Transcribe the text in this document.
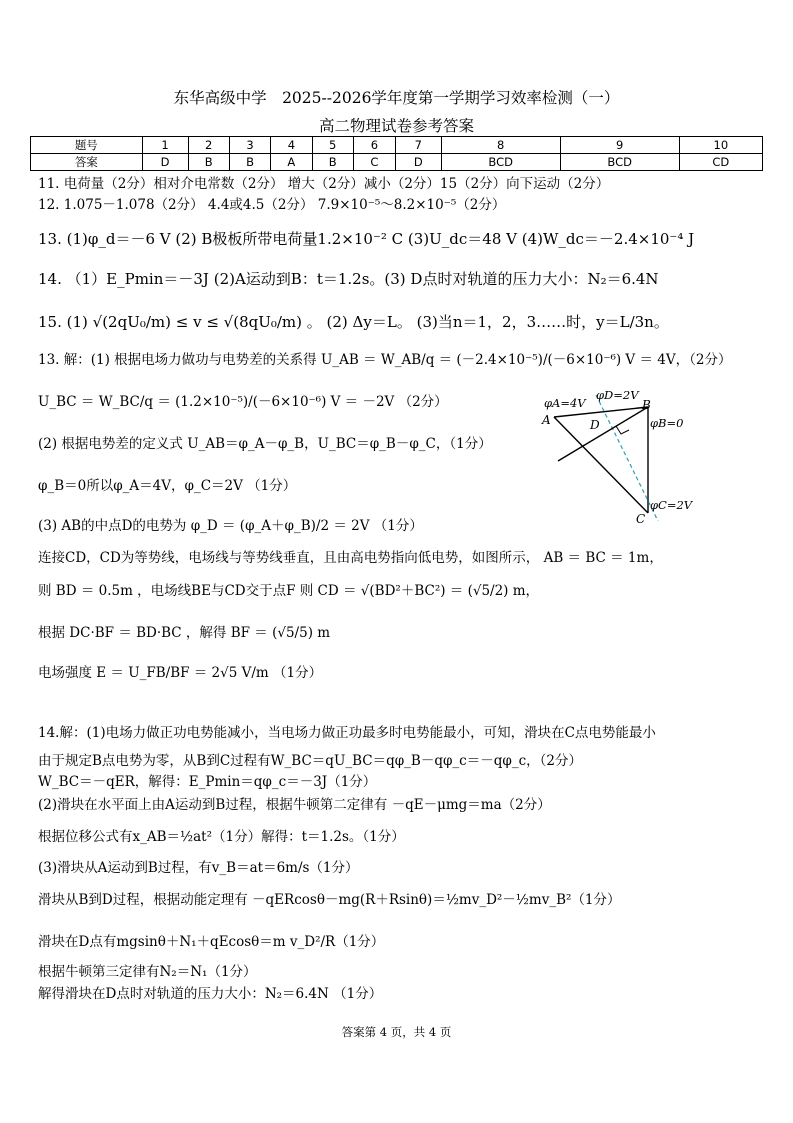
东华高级中学　2025--2026学年度第一学期学习效率检测（一）
高二物理试卷参考答案
题号	1	2	3	4	5	6	7	8	9	10
答案	D	B	B	A	B	C	D	BCD	BCD	CD
11. 电荷量（2分）相对介电常数（2分） 增大（2分）减小（2分）15（2分）向下运动（2分）
12. 1.075－1.078（2分） 4.4或4.5（2分） 7.9×10⁻⁵～8.2×10⁻⁵（2分）
13. (1)φ_d＝－6 V (2) B极板所带电荷量1.2×10⁻² C (3)U_dc＝48 V (4)W_dc＝－2.4×10⁻⁴ J
14. （1）E_Pmin＝－3J (2)A运动到B：t＝1.2s。(3) D点时对轨道的压力大小：N₂＝6.4N
15. (1) √(2qU₀/m) ≤ v ≤ √(8qU₀/m) 。 (2) Δy＝L。 (3)当n＝1，2，3……时，y＝L/3n。
13. 解：(1) 根据电场力做功与电势差的关系得 U_AB ＝ W_AB/q ＝ (－2.4×10⁻⁵)/(－6×10⁻⁶) V ＝ 4V，（2分）
U_BC ＝ W_BC/q ＝ (1.2×10⁻⁵)/(－6×10⁻⁶) V ＝ －2V （2分）
(2) 根据电势差的定义式 U_AB＝φ_A－φ_B，U_BC＝φ_B－φ_C，（1分）
φ_B＝0所以φ_A＝4V，φ_C＝2V （1分）
(3) AB的中点D的电势为 φ_D ＝ (φ_A＋φ_B)/2 ＝ 2V （1分）
连接CD，CD为等势线，电场线与等势线垂直，且由高电势指向低电势，如图所示， AB ＝ BC ＝ 1m，
则 BD ＝ 0.5m ，电场线BE与CD交于点F 则 CD ＝ √(BD²＋BC²) ＝ (√5/2) m，
根据 DC·BF ＝ BD·BC ，解得 BF ＝ (√5/5) m
电场强度 E ＝ U_FB/BF ＝ 2√5 V/m （1分）
φA=4V
φD=2V
B
A	D	φB=0
C
φC=2V
14.解：(1)电场力做正功电势能减小，当电场力做正功最多时电势能最小，可知，滑块在C点电势能最小
由于规定B点电势为零，从B到C过程有W_BC＝qU_BC＝qφ_B－qφ_c＝－qφ_c，（2分）
W_BC＝－qER，解得：E_Pmin＝qφ_c＝－3J（1分）
(2)滑块在水平面上由A运动到B过程，根据牛顿第二定律有 －qE－μmg＝ma（2分）
根据位移公式有x_AB＝½at²（1分）解得：t＝1.2s。（1分）
(3)滑块从A运动到B过程，有v_B＝at＝6m/s（1分）
滑块从B到D过程，根据动能定理有 －qERcosθ－mg(R＋Rsinθ)＝½mv_D²－½mv_B²（1分）
滑块在D点有mgsinθ＋N₁＋qEcosθ＝m v_D²/R（1分）
根据牛顿第三定律有N₂＝N₁（1分）
解得滑块在D点时对轨道的压力大小：N₂＝6.4N （1分）
答案第 4 页，共 4 页
